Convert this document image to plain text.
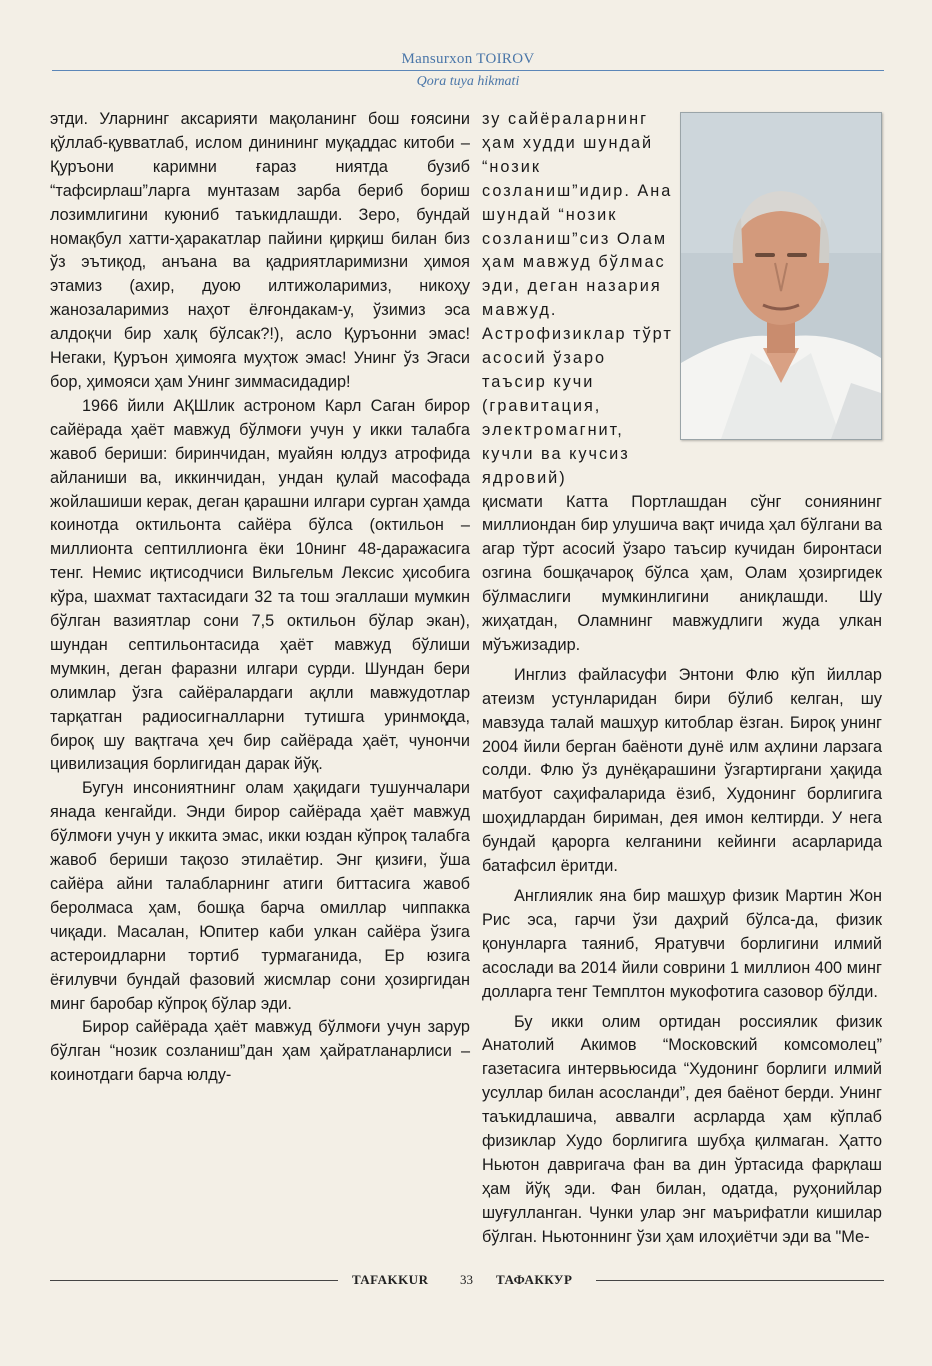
Mansurxon TOIROV
Qora tuya hikmati

этди. Уларнинг аксарияти мақоланинг бош ғоясини қўллаб-қувватлаб, ислом динининг муқаддас китоби – Қуръони каримни ғараз ниятда бузиб “тафсирлаш”ларга мунтазам зарба бериб бориш лозимлигини куюниб таъкидлашди. Зеро, бундай номақбул хатти-ҳаракатлар пайини қирқиш билан биз ўз эътиқод, анъана ва қадриятларимизни ҳимоя этамиз (ахир, дуою илтижоларимиз, никоҳу жанозаларимиз наҳот ёлғондакам-у, ўзимиз эса алдоқчи бир халқ бўлсак?!), асло Қуръонни эмас! Негаки, Қуръон ҳимояга муҳтож эмас! Унинг ўз Эгаси бор, ҳимояси ҳам Унинг зиммасидадир!

1966 йили АҚШлик астроном Карл Саган бирор сайёрада ҳаёт мавжуд бўлмоғи учун у икки талабга жавоб бериши: биринчидан, муайян юлдуз атрофида айланиши ва, иккинчидан, ундан қулай масофада жойлашиши керак, деган қарашни илгари сурган ҳамда коинотда октильонта сайёра бўлса (октильон – миллионта септиллионга ёки 10нинг 48-даражасига тенг. Немис иқтисодчиси Вильгельм Лексис ҳисобига кўра, шахмат тахтасидаги 32 та тош эгаллаши мумкин бўлган вазиятлар сони 7,5 октильон бўлар экан), шундан септильонтасида ҳаёт мавжуд бўлиши мумкин, деган фаразни илгари сурди. Шундан бери олимлар ўзга сайёралардаги ақлли мавжудотлар тарқатган радиосигналларни тутишга уринмоқда, бироқ шу вақтгача ҳеч бир сайёрада ҳаёт, чунончи цивилизация борлигидан дарак йўқ.

Бугун инсониятнинг олам ҳақидаги тушунчалари янада кенгайди. Энди бирор сайёрада ҳаёт мавжуд бўлмоғи учун у иккита эмас, икки юздан кўпроқ талабга жавоб бериши тақозо этилаётир. Энг қизиғи, ўша сайёра айни талабларнинг атиги биттасига жавоб беролмаса ҳам, бошқа барча омиллар чиппакка чиқади. Масалан, Юпитер каби улкан сайёра ўзига астероидларни тортиб турмаганида, Ер юзига ёғилувчи бундай фазовий жисмлар сони ҳозиргидан минг баробар кўпроқ бўлар эди.

Бирор сайёрада ҳаёт мавжуд бўлмоғи учун зарур бўлган “нозик созланиш”дан ҳам ҳайратланарлиси – коинотдаги барча юлду-

зу сайёраларнинг ҳам худди шундай “нозик созланиш”идир. Ана шундай “нозик созланиш”сиз Олам ҳам мавжуд бўлмас эди, деган назария мавжуд. Астрофизиклар тўрт асосий ўзаро таъсир кучи (гравитация, электромагнит, кучли ва кучсиз ядровий)

қисмати Катта Портлашдан сўнг сониянинг миллиондан бир улушича вақт ичида ҳал бўлгани ва агар тўрт асосий ўзаро таъсир кучидан биронтаси озгина бошқачароқ бўлса ҳам, Олам ҳозиргидек бўлмаслиги мумкинлигини аниқлашди. Шу жиҳатдан, Оламнинг мавжудлиги жуда улкан мўъжизадир.

Инглиз файласуфи Энтони Флю кўп йиллар атеизм устунларидан бири бўлиб келган, шу мавзуда талай машҳур китоблар ёзган. Бироқ унинг 2004 йили берган баёноти дунё илм аҳлини ларзага солди. Флю ўз дунёқарашини ўзгартиргани ҳақида матбуот саҳифаларида ёзиб, Худонинг борлигига шоҳидлардан бириман, дея имон келтирди. У нега бундай қарорга келганини кейинги асарларида батафсил ёритди.

Англиялик яна бир машҳур физик Мартин Жон Рис эса, гарчи ўзи даҳрий бўлса-да, физик қонунларга таяниб, Яратувчи борлигини илмий асослади ва 2014 йили соврини 1 миллион 400 минг долларга тенг Темплтон мукофотига сазовор бўлди.

Бу икки олим ортидан россиялик физик Анатолий Акимов “Московский комсомолец” газетасига интервьюсида “Худонинг борлиги илмий усуллар билан асосланди”, дея баёнот берди. Унинг таъкидлашича, аввалги асрларда ҳам кўплаб физиклар Худо борлигига шубҳа қилмаган. Ҳатто Ньютон давригача фан ва дин ўртасида фарқлаш ҳам йўқ эди. Фан билан, одатда, руҳонийлар шуғулланган. Чунки улар энг маърифатли кишилар бўлган. Ньютоннинг ўзи ҳам илоҳиётчи эди ва "Ме-

TAFAKKUR 33 ТАФАККУР
